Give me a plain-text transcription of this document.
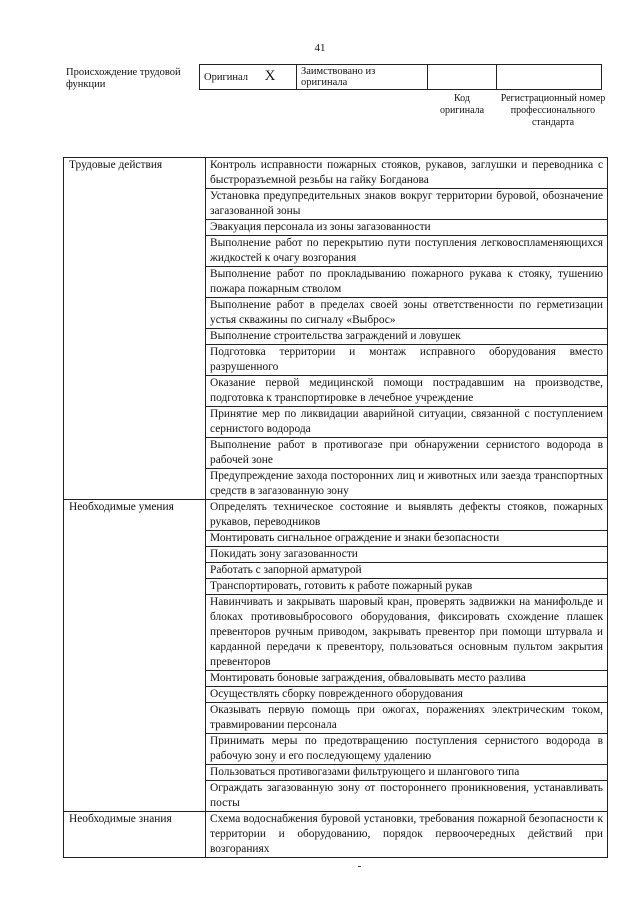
41
Происхождение трудовой функции
Оригинал X	Заимствовано из оригинала		
Код оригинала
Регистрационный номер профессионального стандарта
Трудовые действия	Контроль исправности пожарных стояков, рукавов, заглушки и переводника с быстроразъемной резьбы на гайку Богданова
	Установка предупредительных знаков вокруг территории буровой, обозначение загазованной зоны
	Эвакуация персонала из зоны загазованности
	Выполнение работ по перекрытию пути поступления легковоспламеняющихся жидкостей к очагу возгорания
	Выполнение работ по прокладыванию пожарного рукава к стояку, тушению пожара пожарным стволом
	Выполнение работ в пределах своей зоны ответственности по герметизации устья скважины по сигналу «Выброс»
	Выполнение строительства заграждений и ловушек
	Подготовка территории и монтаж исправного оборудования вместо разрушенного
	Оказание первой медицинской помощи пострадавшим на производстве, подготовка к транспортировке в лечебное учреждение
	Принятие мер по ликвидации аварийной ситуации, связанной с поступлением сернистого водорода
	Выполнение работ в противогазе при обнаружении сернистого водорода в рабочей зоне
	Предупреждение захода посторонних лиц и животных или заезда транспортных средств в загазованную зону
Необходимые умения	Определять техническое состояние и выявлять дефекты стояков, пожарных рукавов, переводников
	Монтировать сигнальное ограждение и знаки безопасности
	Покидать зону загазованности
	Работать с запорной арматурой
	Транспортировать, готовить к работе пожарный рукав
	Навинчивать и закрывать шаровый кран, проверять задвижки на манифольде и блоках противовыбросового оборудования, фиксировать схождение плашек превенторов ручным приводом, закрывать превентор при помощи штурвала и карданной передачи к превентору, пользоваться основным пультом закрытия превенторов
	Монтировать боновые заграждения, обваловывать место разлива
	Осуществлять сборку поврежденного оборудования
	Оказывать первую помощь при ожогах, поражениях электрическим током, травмировании персонала
	Принимать меры по предотвращению поступления сернистого водорода в рабочую зону и его последующему удалению
	Пользоваться противогазами фильтрующего и шлангового типа
	Ограждать загазованную зону от постороннего проникновения, устанавливать посты
Необходимые знания	Схема водоснабжения буровой установки, требования пожарной безопасности к территории и оборудованию, порядок первоочередных действий при возгораниях
